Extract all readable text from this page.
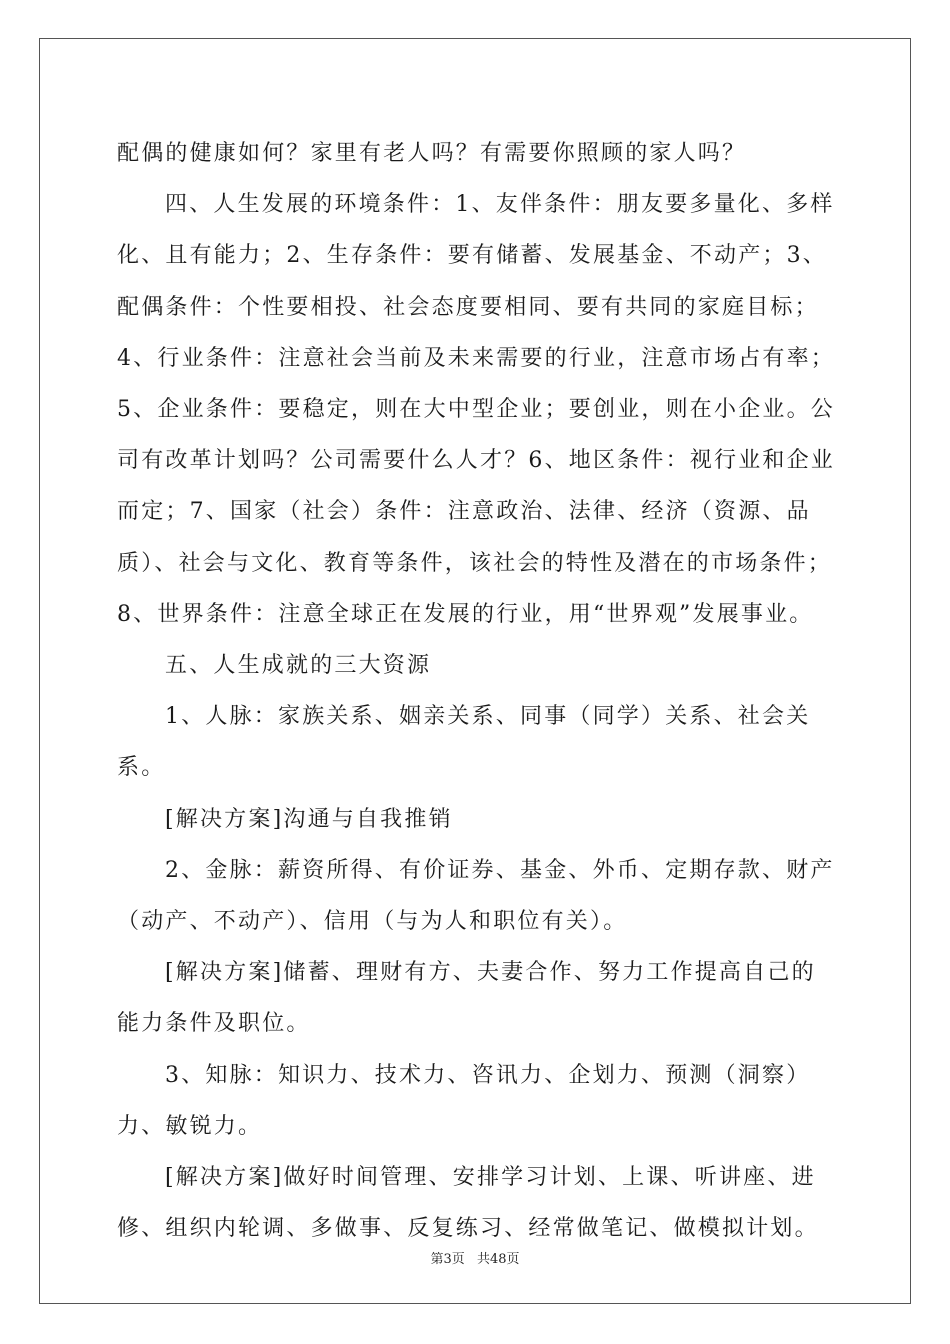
配偶的健康如何？家里有老人吗？有需要你照顾的家人吗？

四、人生发展的环境条件：1、友伴条件：朋友要多量化、多样化、且有能力；2、生存条件：要有储蓄、发展基金、不动产；3、配偶条件：个性要相投、社会态度要相同、要有共同的家庭目标；4、行业条件：注意社会当前及未来需要的行业，注意市场占有率；5、企业条件：要稳定，则在大中型企业；要创业，则在小企业。公司有改革计划吗？公司需要什么人才？6、地区条件：视行业和企业而定；7、国家（社会）条件：注意政治、法律、经济（资源、品质）、社会与文化、教育等条件，该社会的特性及潜在的市场条件；8、世界条件：注意全球正在发展的行业，用“世界观”发展事业。

五、人生成就的三大资源

1、人脉：家族关系、姻亲关系、同事（同学）关系、社会关系。

[解决方案]沟通与自我推销

2、金脉：薪资所得、有价证券、基金、外币、定期存款、财产（动产、不动产）、信用（与为人和职位有关）。

[解决方案]储蓄、理财有方、夫妻合作、努力工作提高自己的能力条件及职位。

3、知脉：知识力、技术力、咨讯力、企划力、预测（洞察）力、敏锐力。

[解决方案]做好时间管理、安排学习计划、上课、听讲座、进修、组织内轮调、多做事、反复练习、经常做笔记、做模拟计划。

第3页 共48页
